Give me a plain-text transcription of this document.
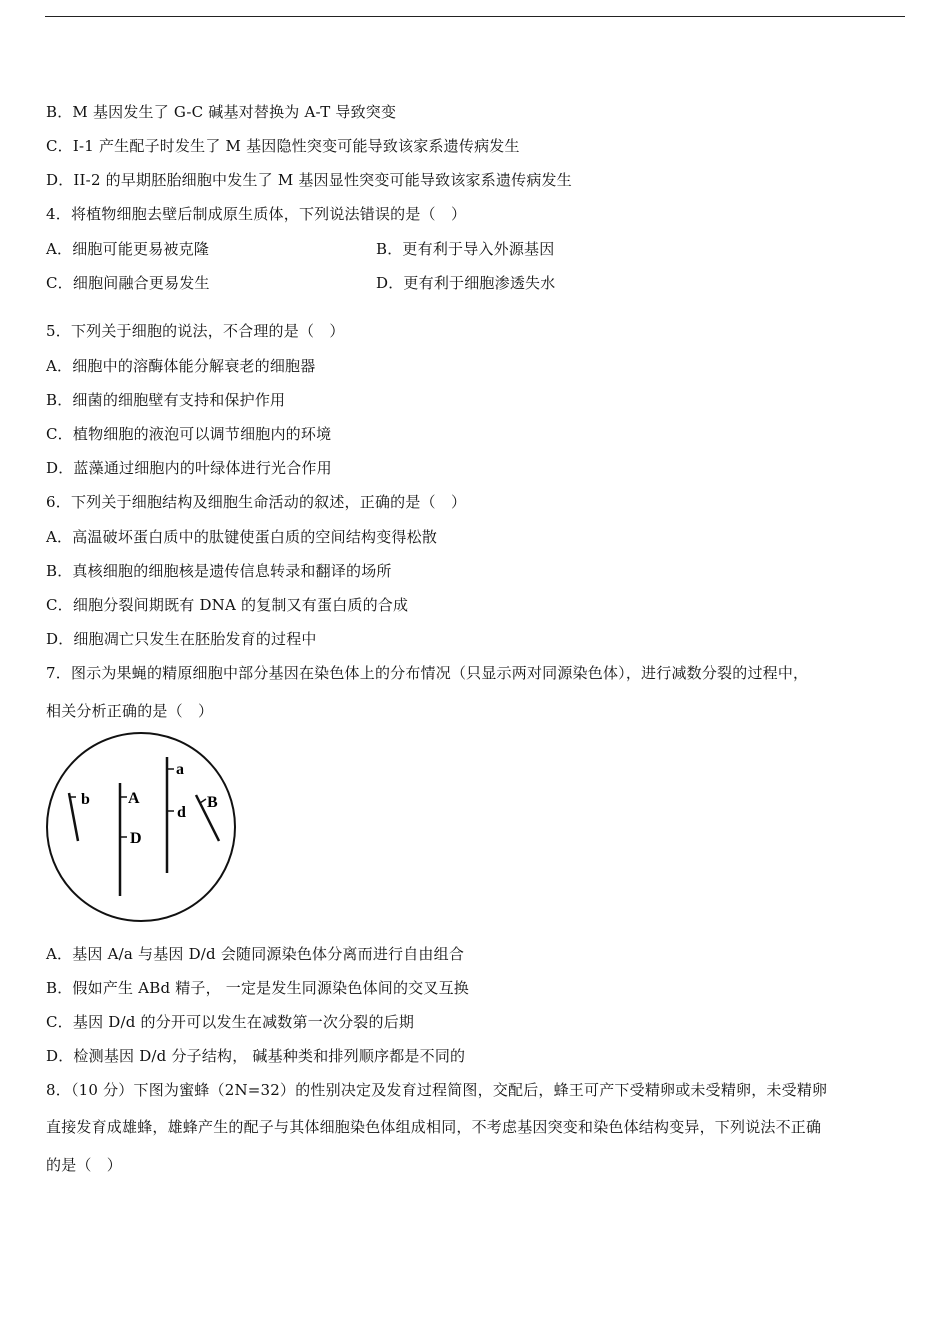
B．M 基因发生了 G-C 碱基对替换为 A-T 导致突变
C．I-1 产生配子时发生了 M 基因隐性突变可能导致该家系遗传病发生
D．II-2 的早期胚胎细胞中发生了 M 基因显性突变可能导致该家系遗传病发生
4．将植物细胞去壁后制成原生质体，下列说法错误的是（　）
A．细胞可能更易被克隆	B．更有利于导入外源基因
C．细胞间融合更易发生	D．更有利于细胞渗透失水
5．下列关于细胞的说法，不合理的是（　）
A．细胞中的溶酶体能分解衰老的细胞器
B．细菌的细胞壁有支持和保护作用
C．植物细胞的液泡可以调节细胞内的环境
D．蓝藻通过细胞内的叶绿体进行光合作用
6．下列关于细胞结构及细胞生命活动的叙述，正确的是（　）
A．高温破坏蛋白质中的肽键使蛋白质的空间结构变得松散
B．真核细胞的细胞核是遗传信息转录和翻译的场所
C．细胞分裂间期既有 DNA 的复制又有蛋白质的合成
D．细胞凋亡只发生在胚胎发育的过程中
7．图示为果蝇的精原细胞中部分基因在染色体上的分布情况（只显示两对同源染色体），进行减数分裂的过程中，
相关分析正确的是（　）
b A
D
a
d
B
A．基因 A/a 与基因 D/d 会随同源染色体分离而进行自由组合
B．假如产生 ABd 精子， 一定是发生同源染色体间的交叉互换
C．基因 D/d 的分开可以发生在减数第一次分裂的后期
D．检测基因 D/d 分子结构， 碱基种类和排列顺序都是不同的
8．（10 分）下图为蜜蜂（2N=32）的性别决定及发育过程简图，交配后，蜂王可产下受精卵或未受精卵，未受精卵
直接发育成雄蜂，雄蜂产生的配子与其体细胞染色体组成相同，不考虑基因突变和染色体结构变异，下列说法不正确
的是（　）
